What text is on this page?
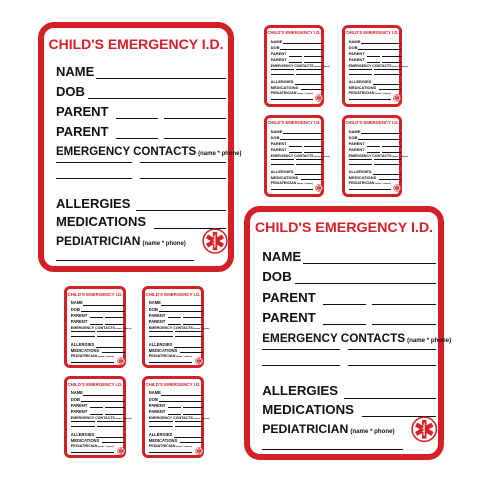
CHILD'S EMERGENCY I.D.
NAME
DOB
PARENT
PARENT
EMERGENCY CONTACTS (name * phone)
ALLERGIES
MEDICATIONS
PEDIATRICIAN (name * phone)
CHILD'S EMERGENCY I.D.
NAME
DOB
PARENT
PARENT
EMERGENCY CONTACTS (name * phone)
ALLERGIES
MEDICATIONS
PEDIATRICIAN (name * phone)
CHILD'S EMERGENCY I.D.
NAME
DOB
PARENT
PARENT
EMERGENCY CONTACTS(name * phone)
ALLERGIES
MEDICATIONS
PEDIATRICIAN(name * phone)
CHILD'S EMERGENCY I.D.
NAME
DOB
PARENT
PARENT
EMERGENCY CONTACTS(name * phone)
ALLERGIES
MEDICATIONS
PEDIATRICIAN(name * phone)
CHILD'S EMERGENCY I.D.
NAME
DOB
PARENT
PARENT
EMERGENCY CONTACTS(name * phone)
ALLERGIES
MEDICATIONS
PEDIATRICIAN(name * phone)
CHILD'S EMERGENCY I.D.
NAME
DOB
PARENT
PARENT
EMERGENCY CONTACTS(name * phone)
ALLERGIES
MEDICATIONS
PEDIATRICIAN(name * phone)
CHILD'S EMERGENCY I.D.
NAME
DOB
PARENT
PARENT
EMERGENCY CONTACTS(name * phone)
ALLERGIES
MEDICATIONS
PEDIATRICIAN(name * phone)
CHILD'S EMERGENCY I.D.
NAME
DOB
PARENT
PARENT
EMERGENCY CONTACTS(name * phone)
ALLERGIES
MEDICATIONS
PEDIATRICIAN(name * phone)
CHILD'S EMERGENCY I.D.
NAME
DOB
PARENT
PARENT
EMERGENCY CONTACTS(name * phone)
ALLERGIES
MEDICATIONS
PEDIATRICIAN(name * phone)
CHILD'S EMERGENCY I.D.
NAME
DOB
PARENT
PARENT
EMERGENCY CONTACTS(name * phone)
ALLERGIES
MEDICATIONS
PEDIATRICIAN(name * phone)
